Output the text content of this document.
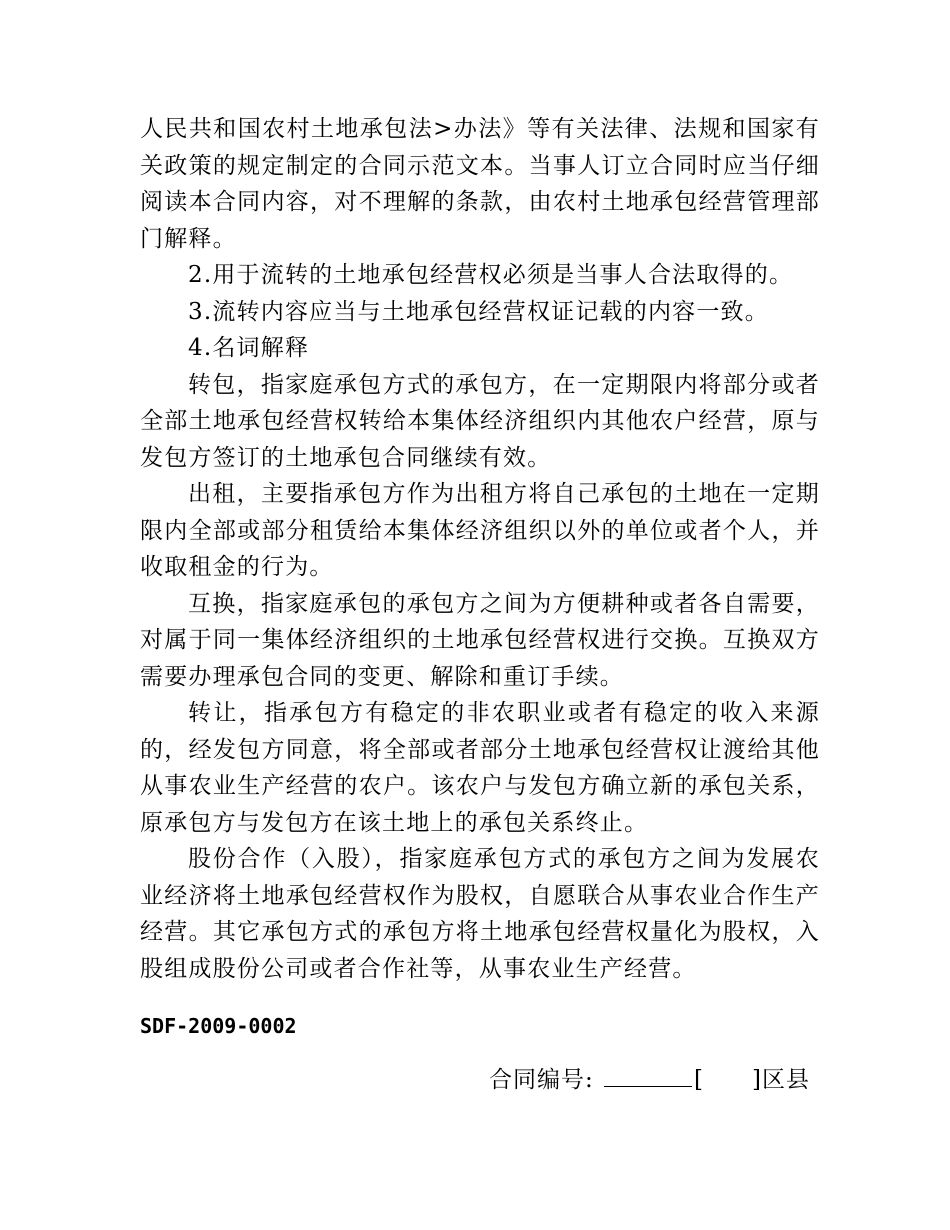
人民共和国农村土地承包法>办法》等有关法律、法规和国家有关政策的规定制定的合同示范文本。当事人订立合同时应当仔细阅读本合同内容，对不理解的条款，由农村土地承包经营管理部门解释。

2.用于流转的土地承包经营权必须是当事人合法取得的。

3.流转内容应当与土地承包经营权证记载的内容一致。

4.名词解释

转包，指家庭承包方式的承包方，在一定期限内将部分或者全部土地承包经营权转给本集体经济组织内其他农户经营，原与发包方签订的土地承包合同继续有效。

出租，主要指承包方作为出租方将自己承包的土地在一定期限内全部或部分租赁给本集体经济组织以外的单位或者个人，并收取租金的行为。

互换，指家庭承包的承包方之间为方便耕种或者各自需要，对属于同一集体经济组织的土地承包经营权进行交换。互换双方需要办理承包合同的变更、解除和重订手续。

转让，指承包方有稳定的非农职业或者有稳定的收入来源的，经发包方同意，将全部或者部分土地承包经营权让渡给其他从事农业生产经营的农户。该农户与发包方确立新的承包关系，原承包方与发包方在该土地上的承包关系终止。

股份合作（入股），指家庭承包方式的承包方之间为发展农业经济将土地承包经营权作为股权，自愿联合从事农业合作生产经营。其它承包方式的承包方将土地承包经营权量化为股权，入股组成股份公司或者合作社等，从事农业生产经营。

SDF-2009-0002
合同编号:	[ ]区县
